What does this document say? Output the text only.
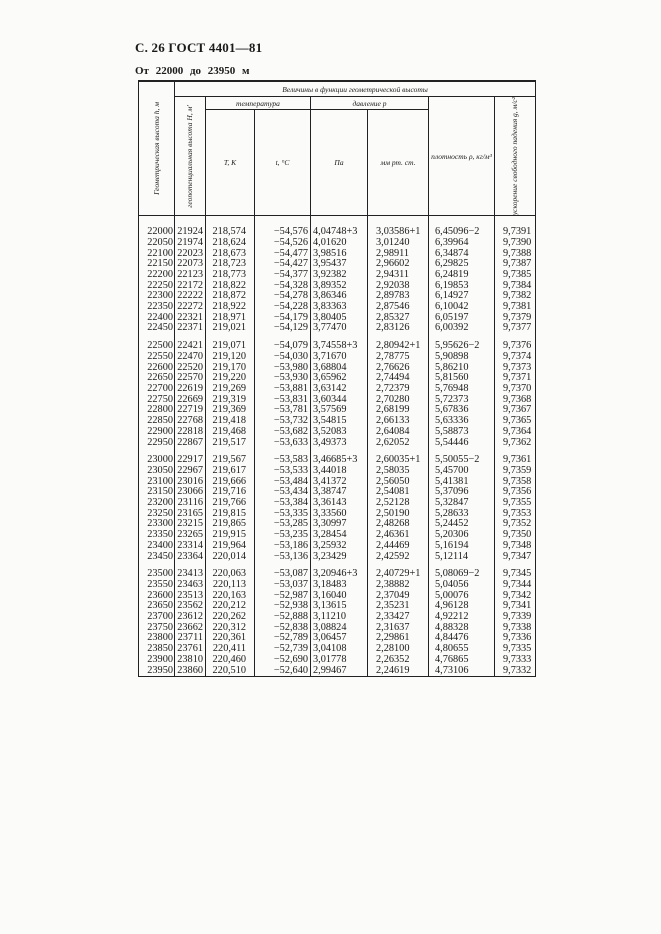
С. 26 ГОСТ 4401—81
От 22000 до 23950 м
Геометрическая высота h, м	Величины в функции геометрической высоты						

	геопотенциальная высота H, м'	температура		давление p		плотность ρ, кг/м³	ускорение свободного падения g, м/с²

		T, К	t, °С	Па	мм рт. ст.		

22000	21924	218,574	−54,576	4,04748+3	3,03586+1	6,45096−2	9,7391
22050	21974	218,624	−54,526	4,01620	3,01240	6,39964	9,7390
22100	22023	218,673	−54,477	3,98516	2,98911	6,34874	9,7388
22150	22073	218,723	−54,427	3,95437	2,96602	6,29825	9,7387
22200	22123	218,773	−54,377	3,92382	2,94311	6,24819	9,7385
22250	22172	218,822	−54,328	3,89352	2,92038	6,19853	9,7384
22300	22222	218,872	−54,278	3,86346	2,89783	6,14927	9,7382
22350	22272	218,922	−54,228	3,83363	2,87546	6,10042	9,7381
22400	22321	218,971	−54,179	3,80405	2,85327	6,05197	9,7379
22450	22371	219,021	−54,129	3,77470	2,83126	6,00392	9,7377

22500	22421	219,071	−54,079	3,74558+3	2,80942+1	5,95626−2	9,7376
22550	22470	219,120	−54,030	3,71670	2,78775	5,90898	9,7374
22600	22520	219,170	−53,980	3,68804	2,76626	5,86210	9,7373
22650	22570	219,220	−53,930	3,65962	2,74494	5,81560	9,7371
22700	22619	219,269	−53,881	3,63142	2,72379	5,76948	9,7370
22750	22669	219,319	−53,831	3,60344	2,70280	5,72373	9,7368
22800	22719	219,369	−53,781	3,57569	2,68199	5,67836	9,7367
22850	22768	219,418	−53,732	3,54815	2,66133	5,63336	9,7365
22900	22818	219,468	−53,682	3,52083	2,64084	5,58873	9,7364
22950	22867	219,517	−53,633	3,49373	2,62052	5,54446	9,7362

23000	22917	219,567	−53,583	3,46685+3	2,60035+1	5,50055−2	9,7361
23050	22967	219,617	−53,533	3,44018	2,58035	5,45700	9,7359
23100	23016	219,666	−53,484	3,41372	2,56050	5,41381	9,7358
23150	23066	219,716	−53,434	3,38747	2,54081	5,37096	9,7356
23200	23116	219,766	−53,384	3,36143	2,52128	5,32847	9,7355
23250	23165	219,815	−53,335	3,33560	2,50190	5,28633	9,7353
23300	23215	219,865	−53,285	3,30997	2,48268	5,24452	9,7352
23350	23265	219,915	−53,235	3,28454	2,46361	5,20306	9,7350
23400	23314	219,964	−53,186	3,25932	2,44469	5,16194	9,7348
23450	23364	220,014	−53,136	3,23429	2,42592	5,12114	9,7347

23500	23413	220,063	−53,087	3,20946+3	2,40729+1	5,08069−2	9,7345
23550	23463	220,113	−53,037	3,18483	2,38882	5,04056	9,7344
23600	23513	220,163	−52,987	3,16040	2,37049	5,00076	9,7342
23650	23562	220,212	−52,938	3,13615	2,35231	4,96128	9,7341
23700	23612	220,262	−52,888	3,11210	2,33427	4,92212	9,7339
23750	23662	220,312	−52,838	3,08824	2,31637	4,88328	9,7338
23800	23711	220,361	−52,789	3,06457	2,29861	4,84476	9,7336
23850	23761	220,411	−52,739	3,04108	2,28100	4,80655	9,7335
23900	23810	220,460	−52,690	3,01778	2,26352	4,76865	9,7333
23950	23860	220,510	−52,640	2,99467	2,24619	4,73106	9,7332
